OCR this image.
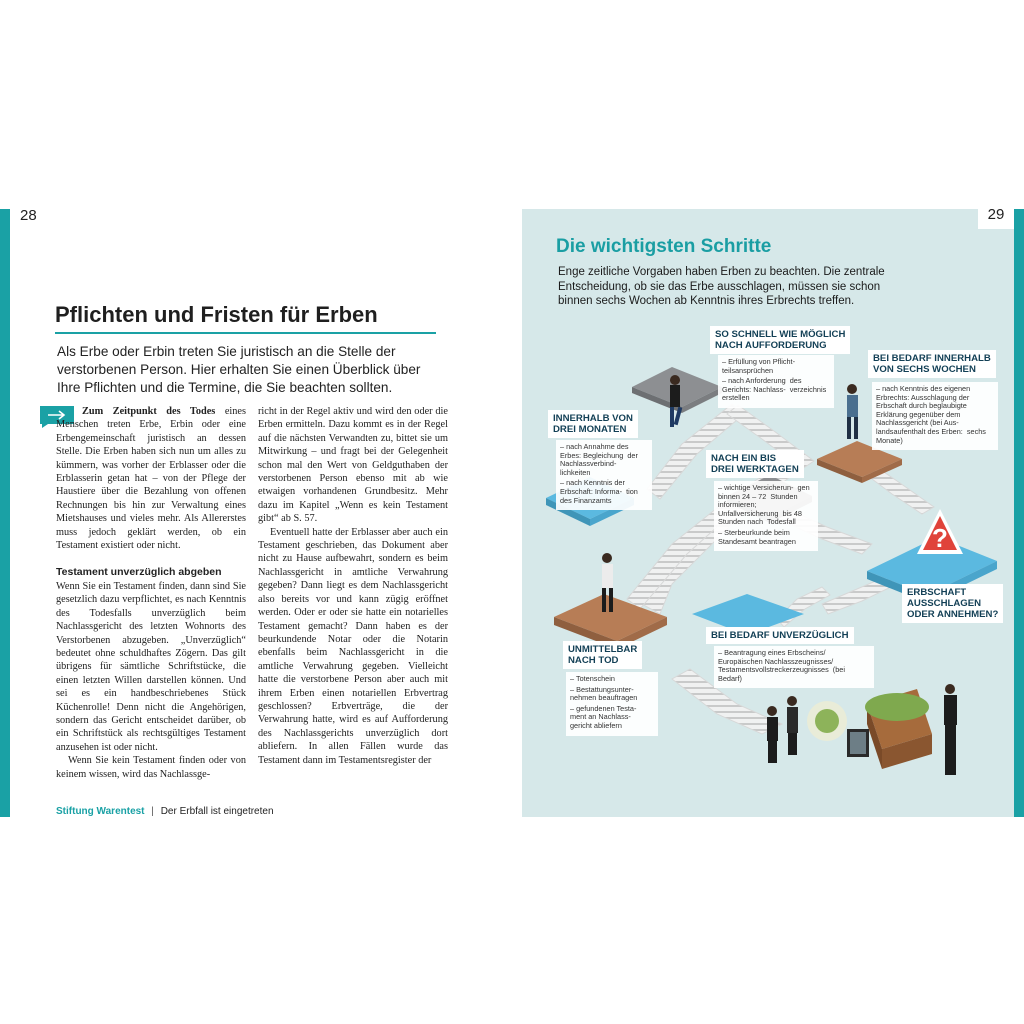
28
Pflichten und Fristen für Erben
Als Erbe oder Erbin treten Sie juristisch an die Stelle der verstorbenen Person. Hier erhalten Sie einen Überblick über Ihre Pflichten und die Termine, die Sie beachten sollten.

Zum Zeitpunkt des Todes eines Menschen treten Erbe, Erbin oder eine Erbengemeinschaft juristisch an dessen Stelle. Die Erben haben sich nun um alles zu kümmern, was vorher der Erblasser oder die Erblasserin getan hat – von der Pflege der Haustiere über die Bezahlung von offenen Rechnungen bis hin zur Verwaltung eines Mietshauses und vieles mehr. Als Allererstes muss jedoch geklärt werden, ob ein Testament existiert oder nicht.

Testament unverzüglich abgeben

Wenn Sie ein Testament finden, dann sind Sie gesetzlich dazu verpflichtet, es nach Kenntnis des Todesfalls unverzüglich beim Nachlassgericht des letzten Wohnorts des Verstorbenen abzugeben. „Unverzüglich“ bedeutet ohne schuldhaftes Zögern. Das gilt übrigens für sämtliche Schriftstücke, die einen letzten Willen darstellen können. Und sei es ein handbeschriebenes Stück Küchenrolle! Denn nicht die Angehörigen, sondern das Gericht entscheidet darüber, ob ein Schriftstück als rechtsgültiges Testament anzusehen ist oder nicht.

Wenn Sie kein Testament finden oder von keinem wissen, wird das Nachlassge-

richt in der Regel aktiv und wird den oder die Erben ermitteln. Dazu kommt es in der Regel auf die nächsten Verwandten zu, bittet sie um Mitwirkung – und fragt bei der Gelegenheit schon mal den Wert von Geldguthaben der verstorbenen Person ebenso mit ab wie etwaigen vorhandenen Grundbesitz. Mehr dazu im Kapitel „Wenn es kein Testament gibt“ ab S. 57.

Eventuell hatte der Erblasser aber auch ein Testament geschrieben, das Dokument aber nicht zu Hause aufbewahrt, sondern es beim Nachlassgericht in amtliche Verwahrung gegeben? Dann liegt es dem Nachlassgericht also bereits vor und kann zügig eröffnet werden. Oder er oder sie hatte ein notarielles Testament gemacht? Dann haben es der beurkundende Notar oder die Notarin ebenfalls beim Nachlassgericht in die amtliche Verwahrung gegeben. Vielleicht hatte die verstorbene Person aber auch mit ihrem Erben einen notariellen Erbvertrag geschlossen? Erbverträge, die der Verwahrung hatte, wird es auf Aufforderung des Nachlassgerichts unverzüglich dort abliefern. In allen Fällen wurde das Testament dann im Testamentsregister der

Stiftung Warentest | Der Erbfall ist eingetreten
29
Die wichtigsten Schritte
Enge zeitliche Vorgaben haben Erben zu beachten. Die zentrale Entscheidung, ob sie das Erbe ausschlagen, müssen sie schon binnen sechs Wochen ab Kenntnis ihres Erbrechts treffen.
?
SO SCHNELL WIE MÖGLICH
NACH AUFFORDERUNG
– Erfüllung von Pflicht-  teilsansprüchen
– nach Anforderung  des Gerichts: Nachlass-  verzeichnis erstellen
BEI BEDARF INNERHALB
VON SECHS WOCHEN
– nach Kenntnis des eigenen  Erbrechts: Ausschlagung der  Erbschaft durch beglaubigte  Erklärung gegenüber dem  Nachlassgericht (bei Aus-  landsaufenthalt des Erben:  sechs Monate)
INNERHALB VON
DREI MONATEN
– nach Annahme des  Erbes: Begleichung  der Nachlassverbind-  lichkeiten
– nach Kenntnis der  Erbschaft: Informa-  tion des Finanzamts
NACH EIN BIS
DREI WERKTAGEN
– wichtige Versicherun-  gen binnen 24 – 72  Stunden informieren;  Unfallversicherung  bis 48 Stunden nach  Todesfall
– Sterbeurkunde beim  Standesamt beantragen
ERBSCHAFT
AUSSCHLAGEN
ODER ANNEHMEN?
BEI BEDARF UNVERZÜGLICH
– Beantragung eines Erbscheins/  Europäischen Nachlasszeugnisses/  Testamentsvollstreckerzeugnisses  (bei Bedarf)
UNMITTELBAR
NACH TOD
– Totenschein
– Bestattungsunter-  nehmen beauftragen
– gefundenen Testa-  ment an Nachlass-  gericht abliefern
